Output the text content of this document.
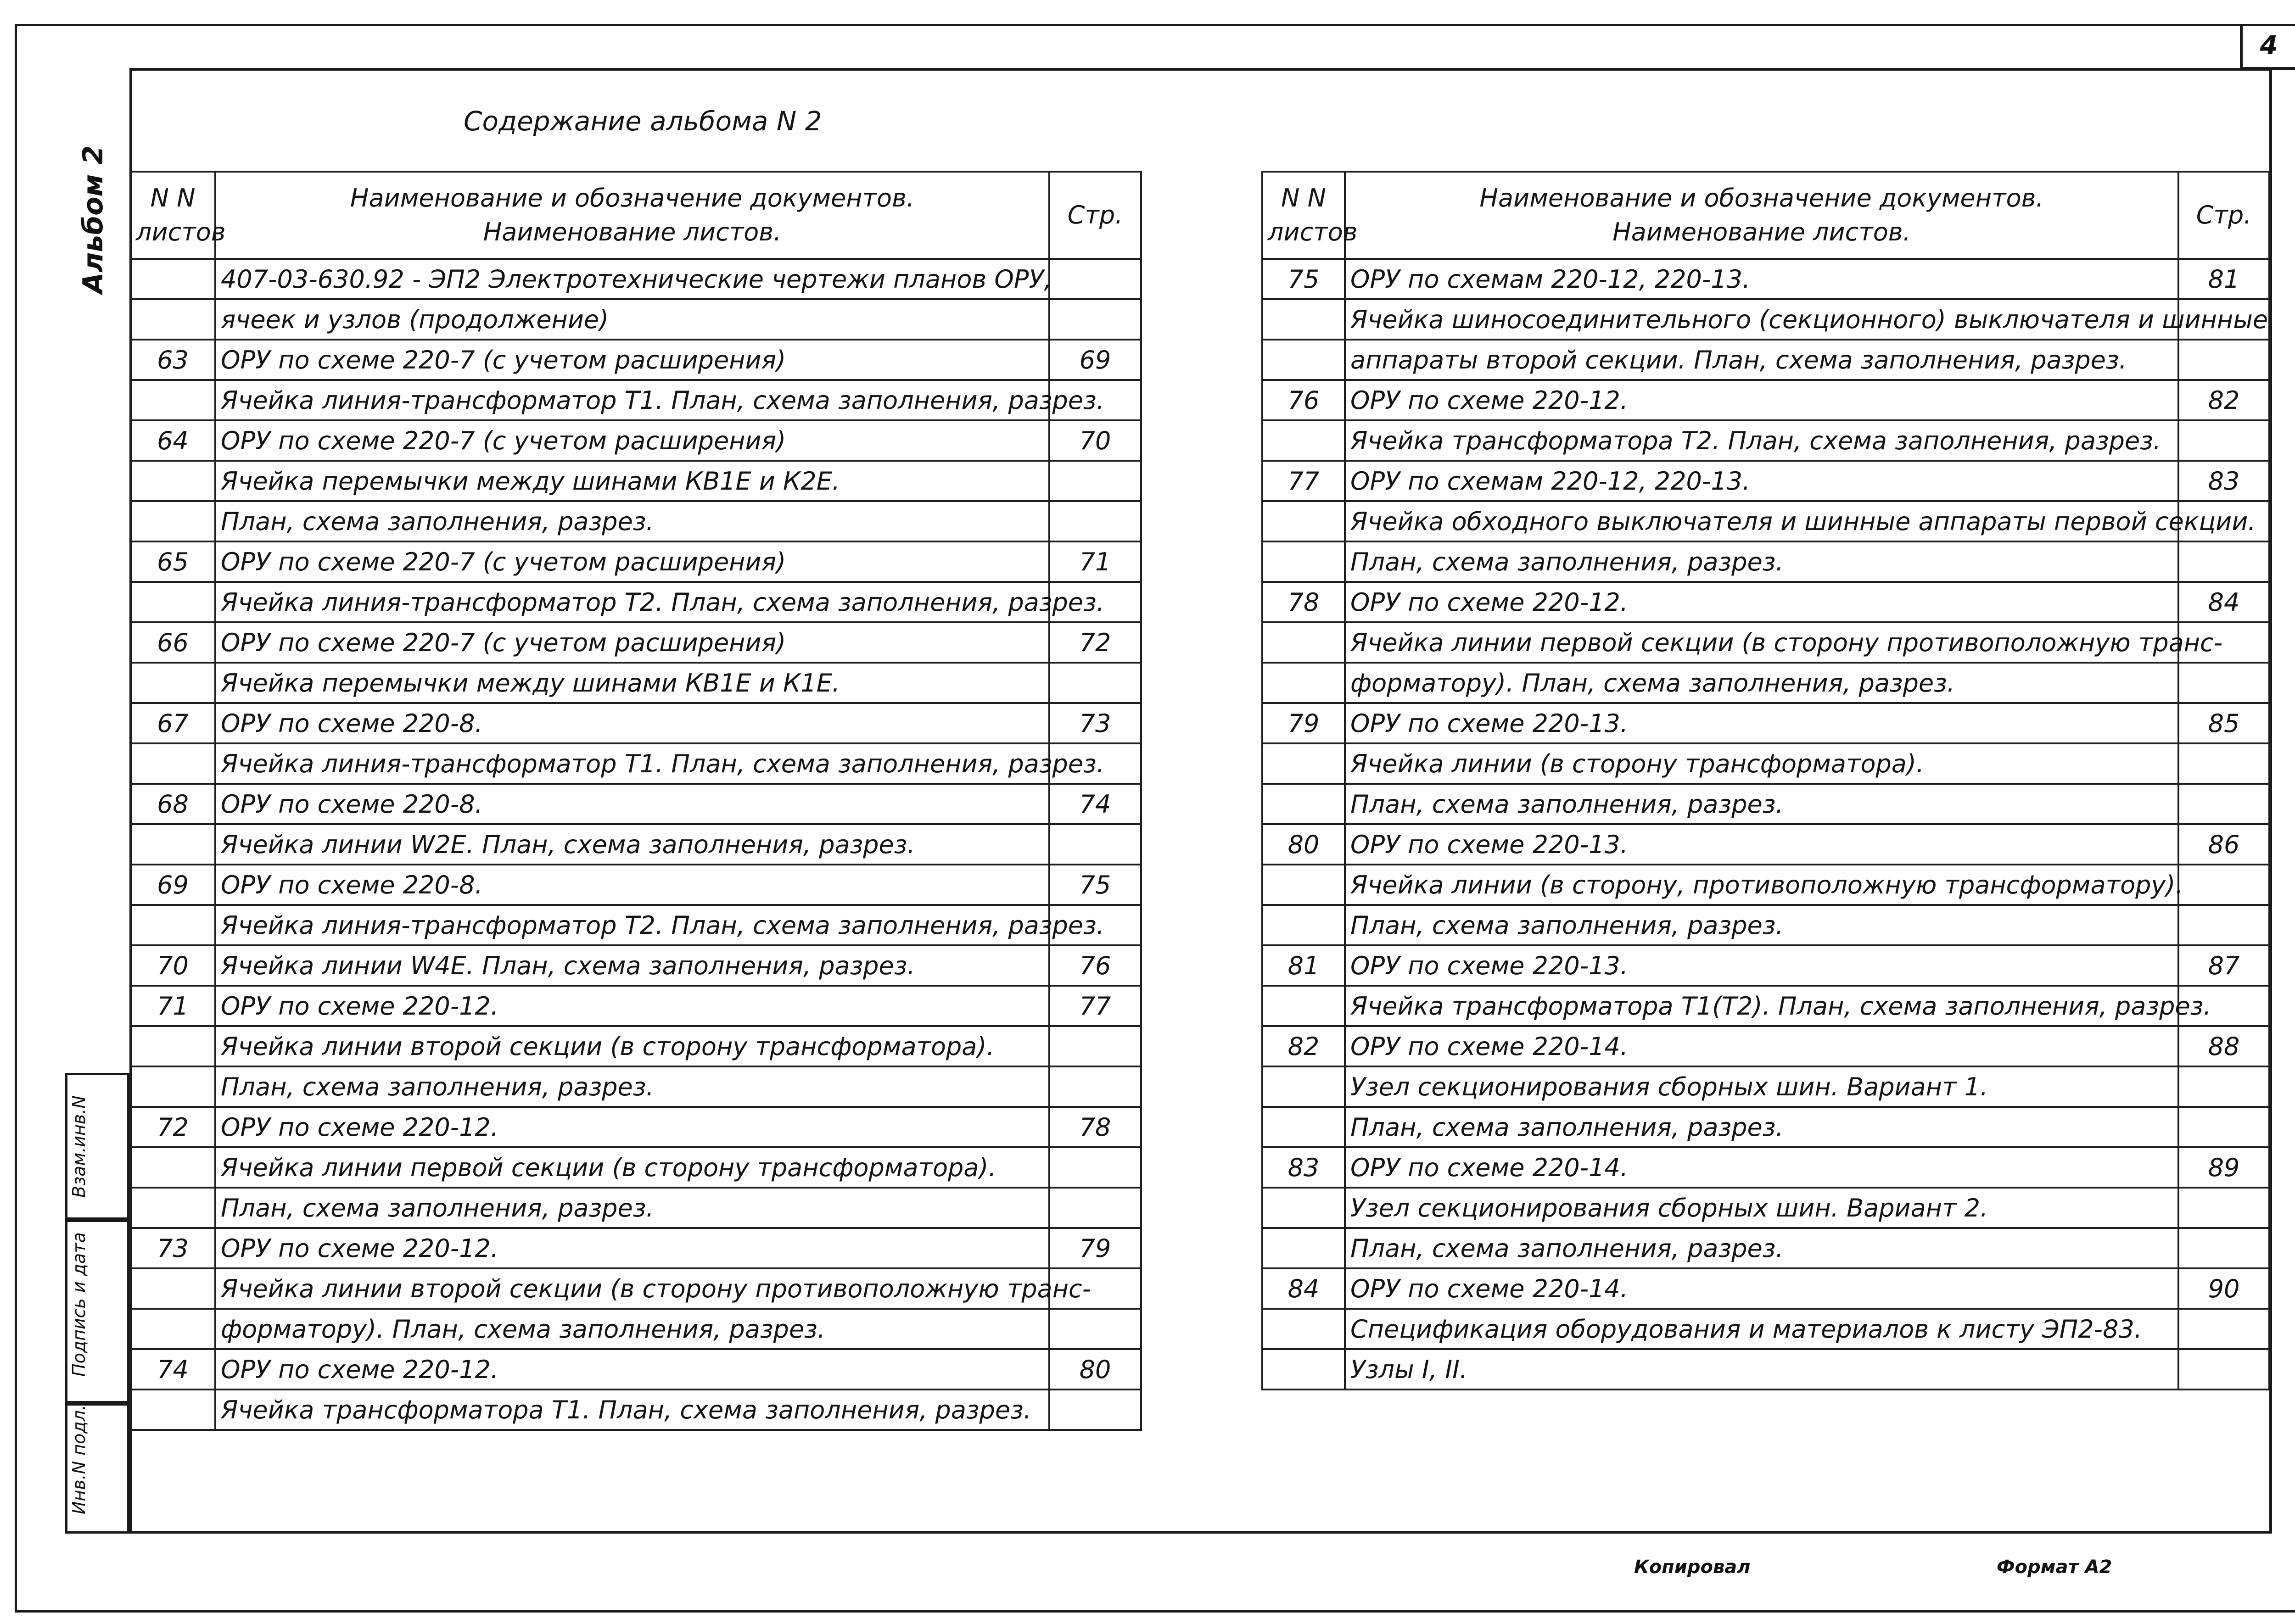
4
Альбом 2
Содержание альбома N 2
Взам.инв.N
Подпись и дата
Инв.N подл.
N N
листов	Наименование и обозначение документов.
Наименование листов.	Стр.
	407-03-630.92 - ЭП2 Электротехнические чертежи планов ОРУ,	
	ячеек и узлов (продолжение)	
63	ОРУ по схеме 220-7 (с учетом расширения)	69
	Ячейка линия-трансформатор Т1. План, схема заполнения, разрез.	
64	ОРУ по схеме 220-7 (с учетом расширения)	70
	Ячейка перемычки между шинами КВ1Е и К2Е.	
	План, схема заполнения, разрез.	
65	ОРУ по схеме 220-7 (с учетом расширения)	71
	Ячейка линия-трансформатор Т2. План, схема заполнения, разрез.	
66	ОРУ по схеме 220-7 (с учетом расширения)	72
	Ячейка перемычки между шинами КВ1Е и К1Е.	
67	ОРУ по схеме 220-8.	73
	Ячейка линия-трансформатор Т1. План, схема заполнения, разрез.	
68	ОРУ по схеме 220-8.	74
	Ячейка линии W2Е. План, схема заполнения, разрез.	
69	ОРУ по схеме 220-8.	75
	Ячейка линия-трансформатор Т2. План, схема заполнения, разрез.	
70	Ячейка линии W4Е. План, схема заполнения, разрез.	76
71	ОРУ по схеме 220-12.	77
	Ячейка линии второй секции (в сторону трансформатора).	
	План, схема заполнения, разрез.	
72	ОРУ по схеме 220-12.	78
	Ячейка линии первой секции (в сторону трансформатора).	
	План, схема заполнения, разрез.	
73	ОРУ по схеме 220-12.	79
	Ячейка линии второй секции (в сторону противоположную транс-	
	форматору). План, схема заполнения, разрез.	
74	ОРУ по схеме 220-12.	80
	Ячейка трансформатора Т1. План, схема заполнения, разрез.	
N N
листов	Наименование и обозначение документов.
Наименование листов.	Стр.
75	ОРУ по схемам 220-12, 220-13.	81
	Ячейка шиносоединительного (секционного) выключателя и шинные	
	аппараты второй секции. План, схема заполнения, разрез.	
76	ОРУ по схеме 220-12.	82
	Ячейка трансформатора Т2. План, схема заполнения, разрез.	
77	ОРУ по схемам 220-12, 220-13.	83
	Ячейка обходного выключателя и шинные аппараты первой секции.	
	План, схема заполнения, разрез.	
78	ОРУ по схеме 220-12.	84
	Ячейка линии первой секции (в сторону противоположную транс-	
	форматору). План, схема заполнения, разрез.	
79	ОРУ по схеме 220-13.	85
	Ячейка линии (в сторону трансформатора).	
	План, схема заполнения, разрез.	
80	ОРУ по схеме 220-13.	86
	Ячейка линии (в сторону, противоположную трансформатору).	
	План, схема заполнения, разрез.	
81	ОРУ по схеме 220-13.	87
	Ячейка трансформатора Т1(Т2). План, схема заполнения, разрез.	
82	ОРУ по схеме 220-14.	88
	Узел секционирования сборных шин. Вариант 1.	
	План, схема заполнения, разрез.	
83	ОРУ по схеме 220-14.	89
	Узел секционирования сборных шин. Вариант 2.	
	План, схема заполнения, разрез.	
84	ОРУ по схеме 220-14.	90
	Спецификация оборудования и материалов к листу ЭП2-83.	
	Узлы I, II.	
Копировал	Формат А2
